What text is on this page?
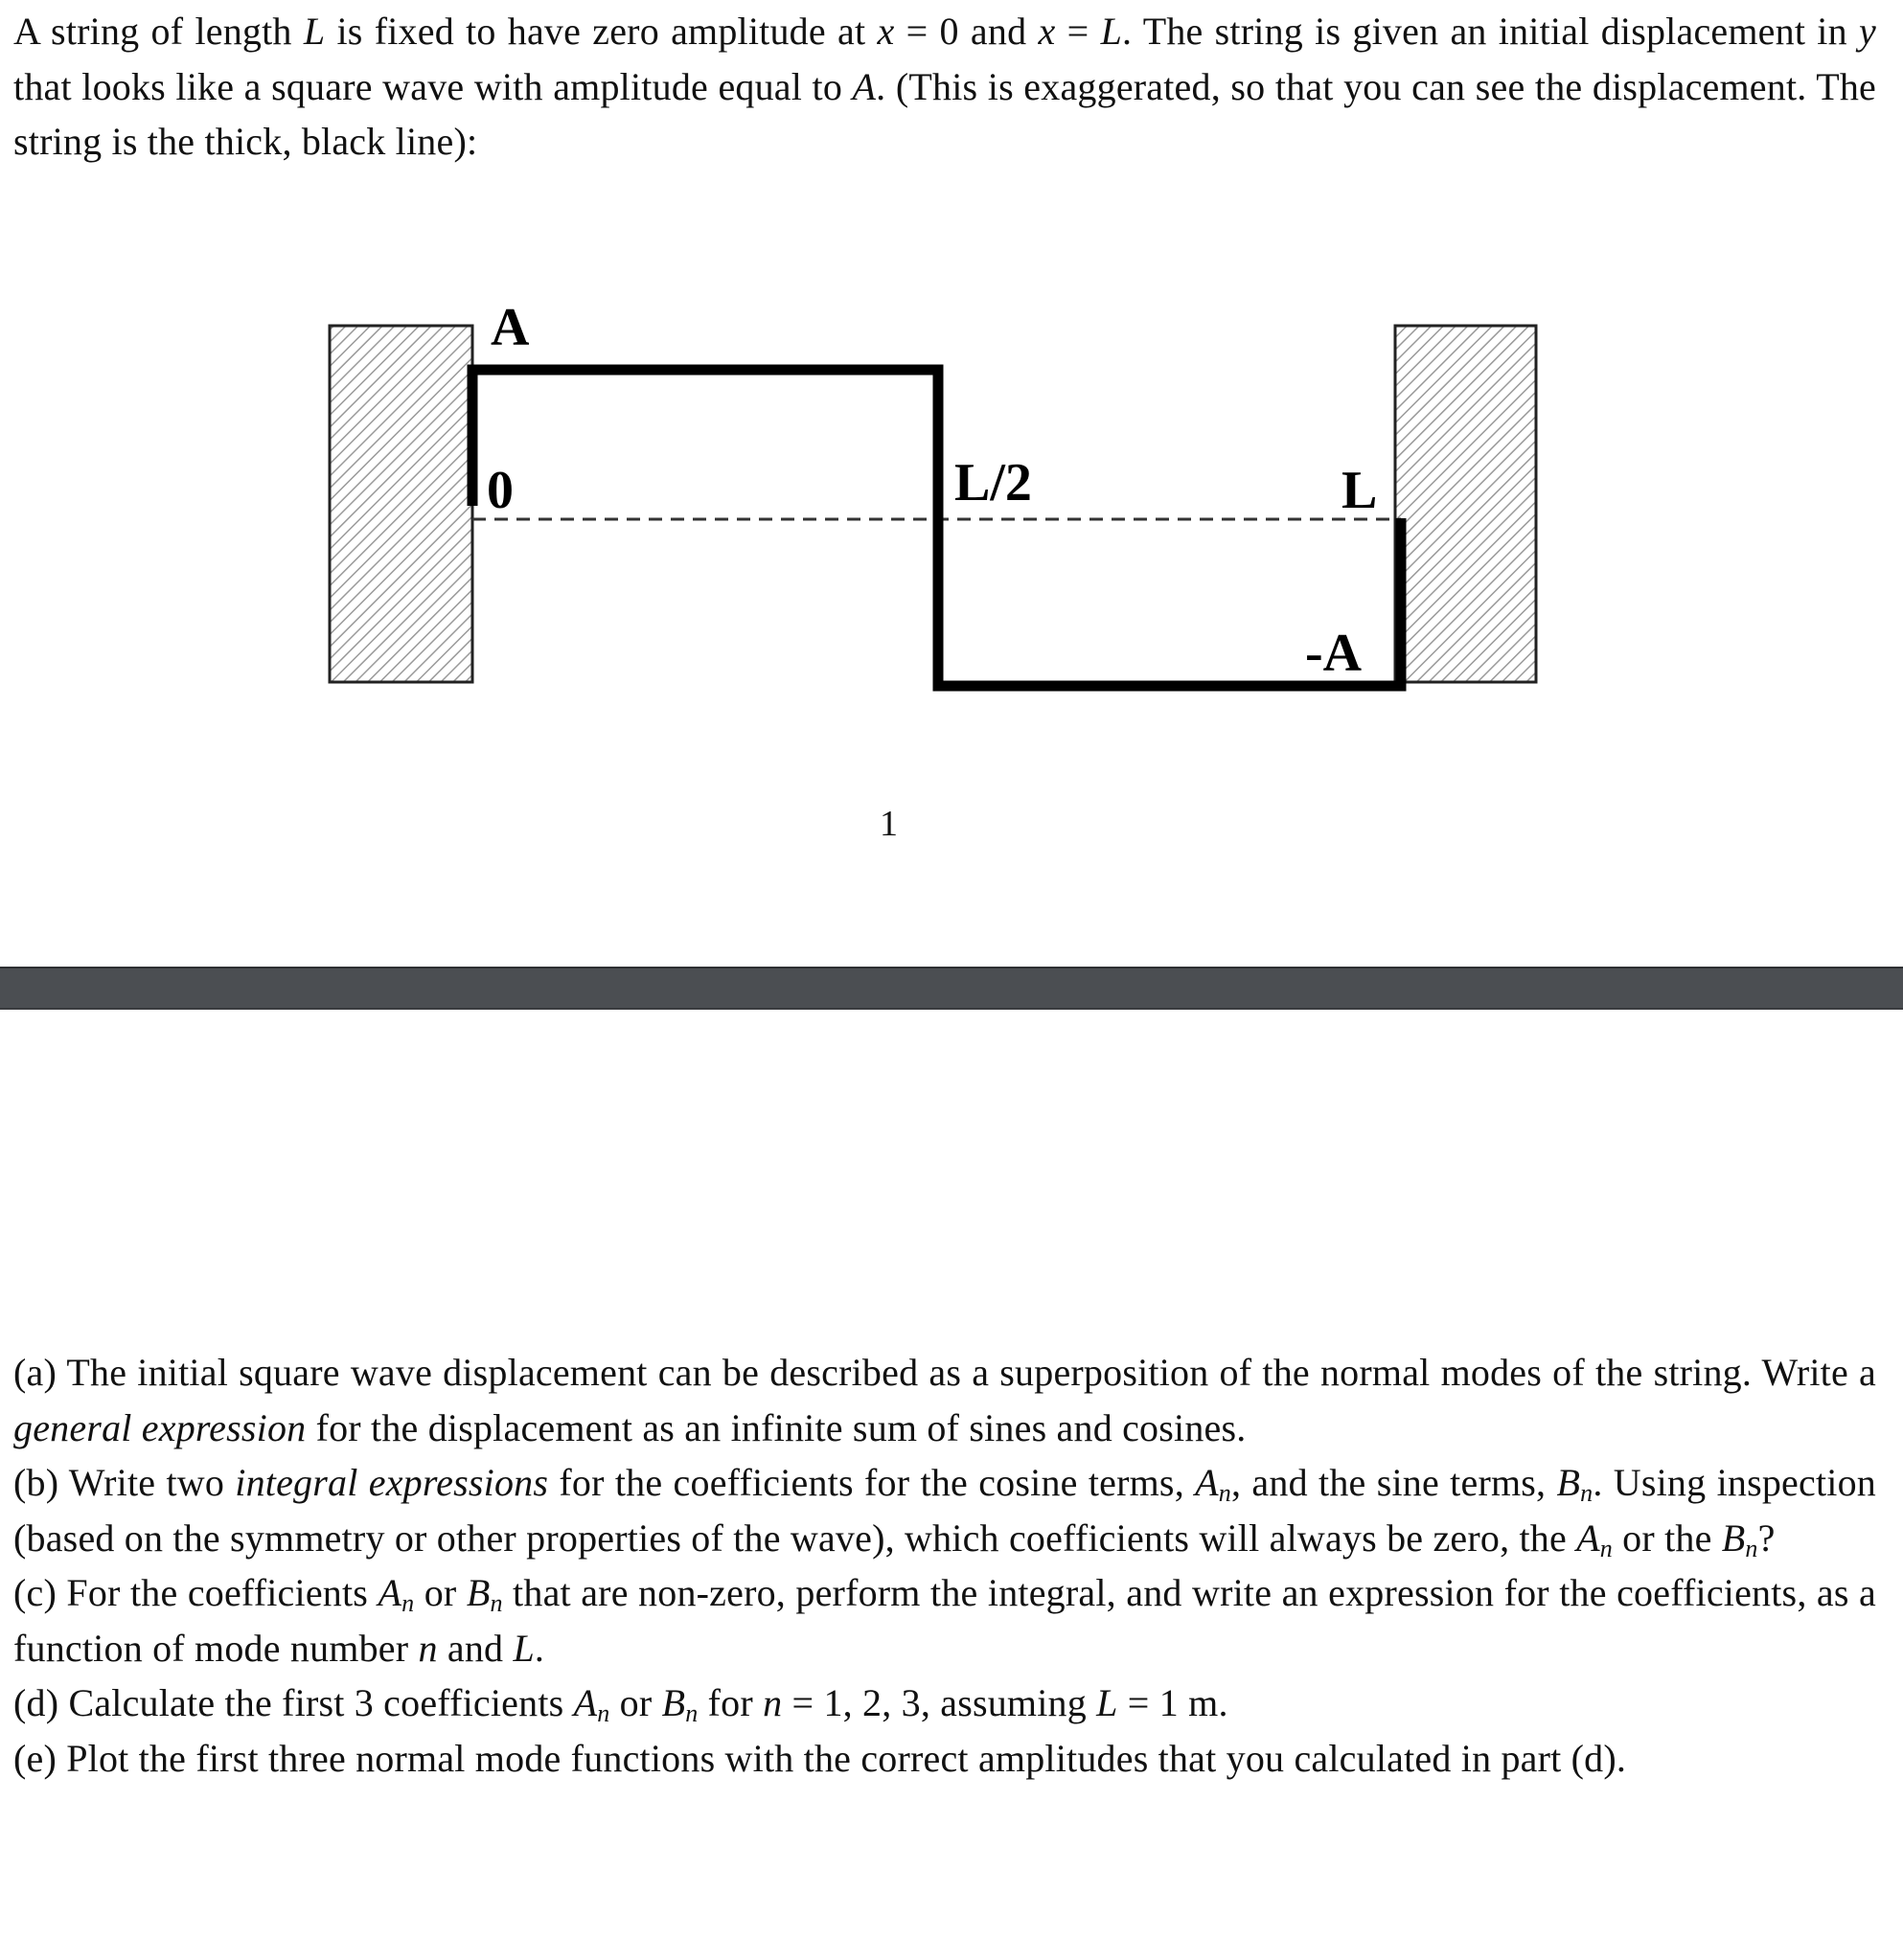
A string of length L is fixed to have zero amplitude at x = 0 and x = L. The string is given an initial displacement in y that looks like a square wave with amplitude equal to A. (This is exaggerated, so that you can see the displacement. The string is the thick, black line):
A
0	L/2	L
-A
1
(a) The initial square wave displacement can be described as a superposition of the normal modes of the string. Write a general expression for the displacement as an infinite sum of sines and cosines.
(b) Write two integral expressions for the coefficients for the cosine terms, $A_n$, and the sine terms, $B_n$. Using inspection (based on the symmetry or other properties of the wave), which coefficients will always be zero, the $A_n$ or the $B_n$?
(c) For the coefficients $A_n$ or $B_n$ that are non-zero, perform the integral, and write an expression for the coefficients, as a function of mode number n and L.
(d) Calculate the first 3 coefficients $A_n$ or $B_n$ for n = 1, 2, 3, assuming L = 1 m.
(e) Plot the first three normal mode functions with the correct amplitudes that you calculated in part (d).
